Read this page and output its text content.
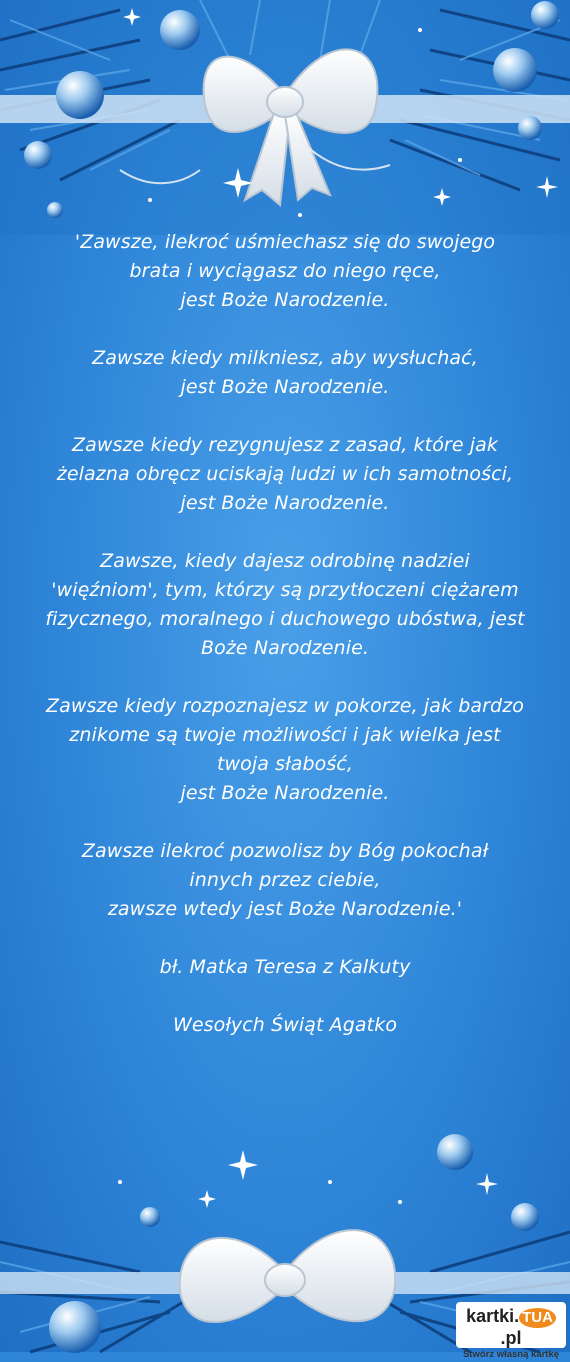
'Zawsze, ilekroć uśmiechasz się do swojego
brata i wyciągasz do niego ręce,
jest Boże Narodzenie.

Zawsze kiedy milkniesz, aby wysłuchać,
jest Boże Narodzenie.

Zawsze kiedy rezygnujesz z zasad, które jak
żelazna obręcz uciskają ludzi w ich samotności,
jest Boże Narodzenie.

Zawsze, kiedy dajesz odrobinę nadziei
'więźniom', tym, którzy są przytłoczeni ciężarem
fizycznego, moralnego i duchowego ubóstwa, jest
Boże Narodzenie.

Zawsze kiedy rozpoznajesz w pokorze, jak bardzo
znikome są twoje możliwości i jak wielka jest
twoja słabość,
jest Boże Narodzenie.

Zawsze ilekroć pozwolisz by Bóg pokochał
innych przez ciebie,
zawsze wtedy jest Boże Narodzenie.'

bł. Matka Teresa z Kalkuty

Wesołych Świąt Agatko

kartki. TUA.pl
Stwórz własną kartkę
